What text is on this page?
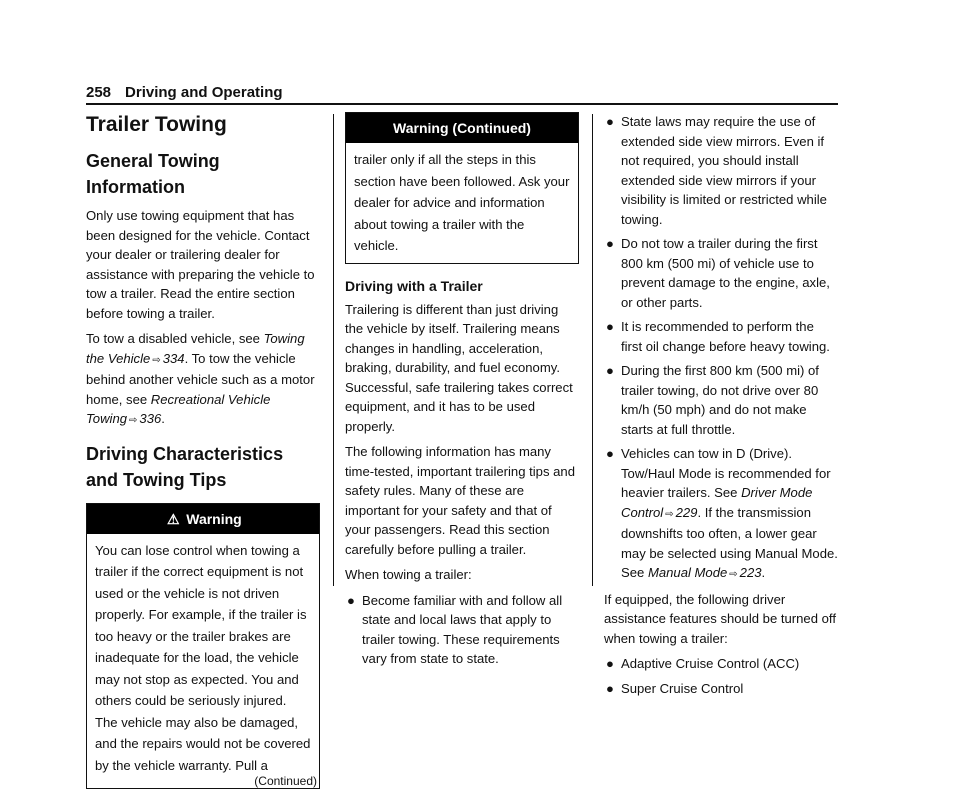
258 Driving and Operating
Trailer Towing
General Towing Information

Only use towing equipment that has been designed for the vehicle. Contact your dealer or trailering dealer for assistance with preparing the vehicle to tow a trailer. Read the entire section before towing a trailer.

To tow a disabled vehicle, see Towing the Vehicle ⇨ 334. To tow the vehicle behind another vehicle such as a motor home, see Recreational Vehicle Towing ⇨ 336.

Driving Characteristics and Towing Tips
⚠ Warning
You can lose control when towing a trailer if the correct equipment is not used or the vehicle is not driven properly. For example, if the trailer is too heavy or the trailer brakes are inadequate for the load, the vehicle may not stop as expected. You and others could be seriously injured. The vehicle may also be damaged, and the repairs would not be covered by the vehicle warranty. Pull a
(Continued)
Warning (Continued)
trailer only if all the steps in this section have been followed. Ask your dealer for advice and information about towing a trailer with the vehicle.
Driving with a Trailer

Trailering is different than just driving the vehicle by itself. Trailering means changes in handling, acceleration, braking, durability, and fuel economy. Successful, safe trailering takes correct equipment, and it has to be used properly.

The following information has many time-tested, important trailering tips and safety rules. Many of these are important for your safety and that of your passengers. Read this section carefully before pulling a trailer.

When towing a trailer:

● Become familiar with and follow all state and local laws that apply to trailer towing. These requirements vary from state to state.
● State laws may require the use of extended side view mirrors. Even if not required, you should install extended side view mirrors if your visibility is limited or restricted while towing.
● Do not tow a trailer during the first 800 km (500 mi) of vehicle use to prevent damage to the engine, axle, or other parts.
● It is recommended to perform the first oil change before heavy towing.
● During the first 800 km (500 mi) of trailer towing, do not drive over 80 km/h (50 mph) and do not make starts at full throttle.
● Vehicles can tow in D (Drive). Tow/Haul Mode is recommended for heavier trailers. See Driver Mode Control ⇨ 229. If the transmission downshifts too often, a lower gear may be selected using Manual Mode. See Manual Mode ⇨ 223.

If equipped, the following driver assistance features should be turned off when towing a trailer:

● Adaptive Cruise Control (ACC)
● Super Cruise Control
